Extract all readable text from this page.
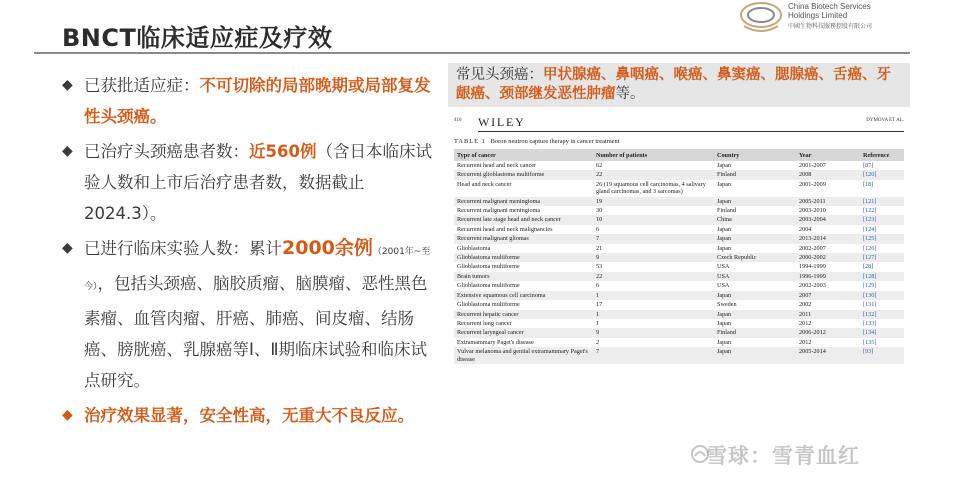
BNCT临床适应症及疗效
China Biotech Services
Holdings Limited
中國生物科技服務控股有限公司
◆ 已获批适应症：不可切除的局部晚期或局部复发性头颈癌。
◆ 已治疗头颈癌患者数：近560例（含日本临床试验人数和上市后治疗患者数，数据截止2024.3）。
◆ 已进行临床实验人数：累计2000余例（2001年~至今），包括头颈癌、脑胶质瘤、脑膜瘤、恶性黑色素瘤、血管肉瘤、肝癌、肺癌、间皮瘤、结肠癌、膀胱癌、乳腺癌等Ⅰ、Ⅱ期临床试验和临床试点研究。
◆ 治疗效果显著，安全性高，无重大不良反应。
常见头颈癌：甲状腺癌、鼻咽癌、喉癌、鼻窦癌、腮腺癌、舌癌、牙龈癌、颈部继发恶性肿瘤等。
416 WILEY	DYMOVA ET AL.
TABLE 1 Boron neutron capture therapy in cancer treatment
Type of cancer	Number of patients	Country	Year	Reference
Recurrent head and neck cancer	62	Japan	2001-2007	[87]
Recurrent glioblastoma multiforme	22	Finland	2008	[120]
Head and neck cancer	26 (19 squamous cell carcinomas, 4 salivary gland carcinomas, and 3 sarcomas)	Japan	2001-2009	[18]
Recurrent malignant meningioma	19	Japan	2005-2011	[121]
Recurrent malignant meningioma	30	Finland	2003-2010	[122]
Recurrent late stage head and neck cancer	10	China	2003-2004	[123]
Recurrent head and neck malignancies	6	Japan	2004	[124]
Recurrent malignant gliomas	7	Japan	2013-2014	[125]
Glioblastoma	21	Japan	2002-2007	[126]
Glioblastoma multiforme	9	Czech Republic	2000-2002	[127]
Glioblastoma multiforme	53	USA	1994-1999	[28]
Brain tumors	22	USA	1996-1999	[128]
Glioblastoma multiforme	6	USA	2002-2003	[129]
Extensive squamous cell carcinoma	1	Japan	2007	[130]
Glioblastoma multiforme	17	Sweden	2002	[131]
Recurrent hepatic cancer	1	Japan	2011	[132]
Recurrent lung cancer	1	Japan	2012	[133]
Recurrent laryngeal cancer	9	Finland	2006-2012	[134]
Extramammary Paget's disease	2	Japan	2012	[135]
Vulvar melanoma and genital extramammary Paget's disease	7	Japan	2005-2014	[93]
雪球：雪青血红
